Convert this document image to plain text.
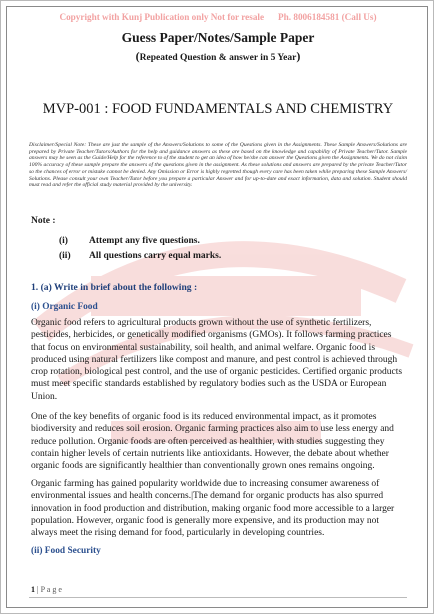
Copyright with Kunj Publication only Not for resale Ph. 8006184581 (Call Us)
Guess Paper/Notes/Sample Paper
(Repeated Question & answer in 5 Year)
MVP-001 : FOOD FUNDAMENTALS AND CHEMISTRY
Disclaimer/Special Note: These are just the sample of the Answers/Solutions to some of the Questions given in the Assignments. These Sample Answers/Solutions are prepared by Private Teacher/Tutors/Authors for the help and guidance answers as these are based on the knowledge and capability of Private Teacher/Tutor. Sample answers may be seen as the Guide/Help for the reference to of the student to get an idea of how he/she can answer the Questions given the Assignments. We do not claim 100% accuracy of these sample prepare the answers of the questions given in the assignment. As these solutions and answers are prepared by the private Teacher/Tutor so the chances of error or mistake cannot be denied. Any Omission or Error is highly regretted though every care has been taken while preparing these Sample Answers/ Solutions. Please consult your own Teacher/Tutor before you prepare a particular Answer and for up-to-date and exact information, data and solution. Student should must read and refer the official study material provided by the university.
Note :
(i) Attempt any five questions.
(ii) All questions carry equal marks.
1. (a) Write in brief about the following :
(i) Organic Food
Organic food refers to agricultural products grown without the use of synthetic fertilizers, pesticides, herbicides, or genetically modified organisms (GMOs). It follows farming practices that focus on environmental sustainability, soil health, and animal welfare. Organic food is produced using natural fertilizers like compost and manure, and pest control is achieved through crop rotation, biological pest control, and the use of organic pesticides. Certified organic products must meet specific standards established by regulatory bodies such as the USDA or European Union.
One of the key benefits of organic food is its reduced environmental impact, as it promotes biodiversity and reduces soil erosion. Organic farming practices also aim to use less energy and reduce pollution. Organic foods are often perceived as healthier, with studies suggesting they contain higher levels of certain nutrients like antioxidants. However, the debate about whether organic foods are significantly healthier than conventionally grown ones remains ongoing.
Organic farming has gained popularity worldwide due to increasing consumer awareness of environmental issues and health concerns.|The demand for organic products has also spurred innovation in food production and distribution, making organic food more accessible to a larger population. However, organic food is generally more expensive, and its production may not always meet the rising demand for food, particularly in developing countries.
(ii) Food Security
1 | P a g e
